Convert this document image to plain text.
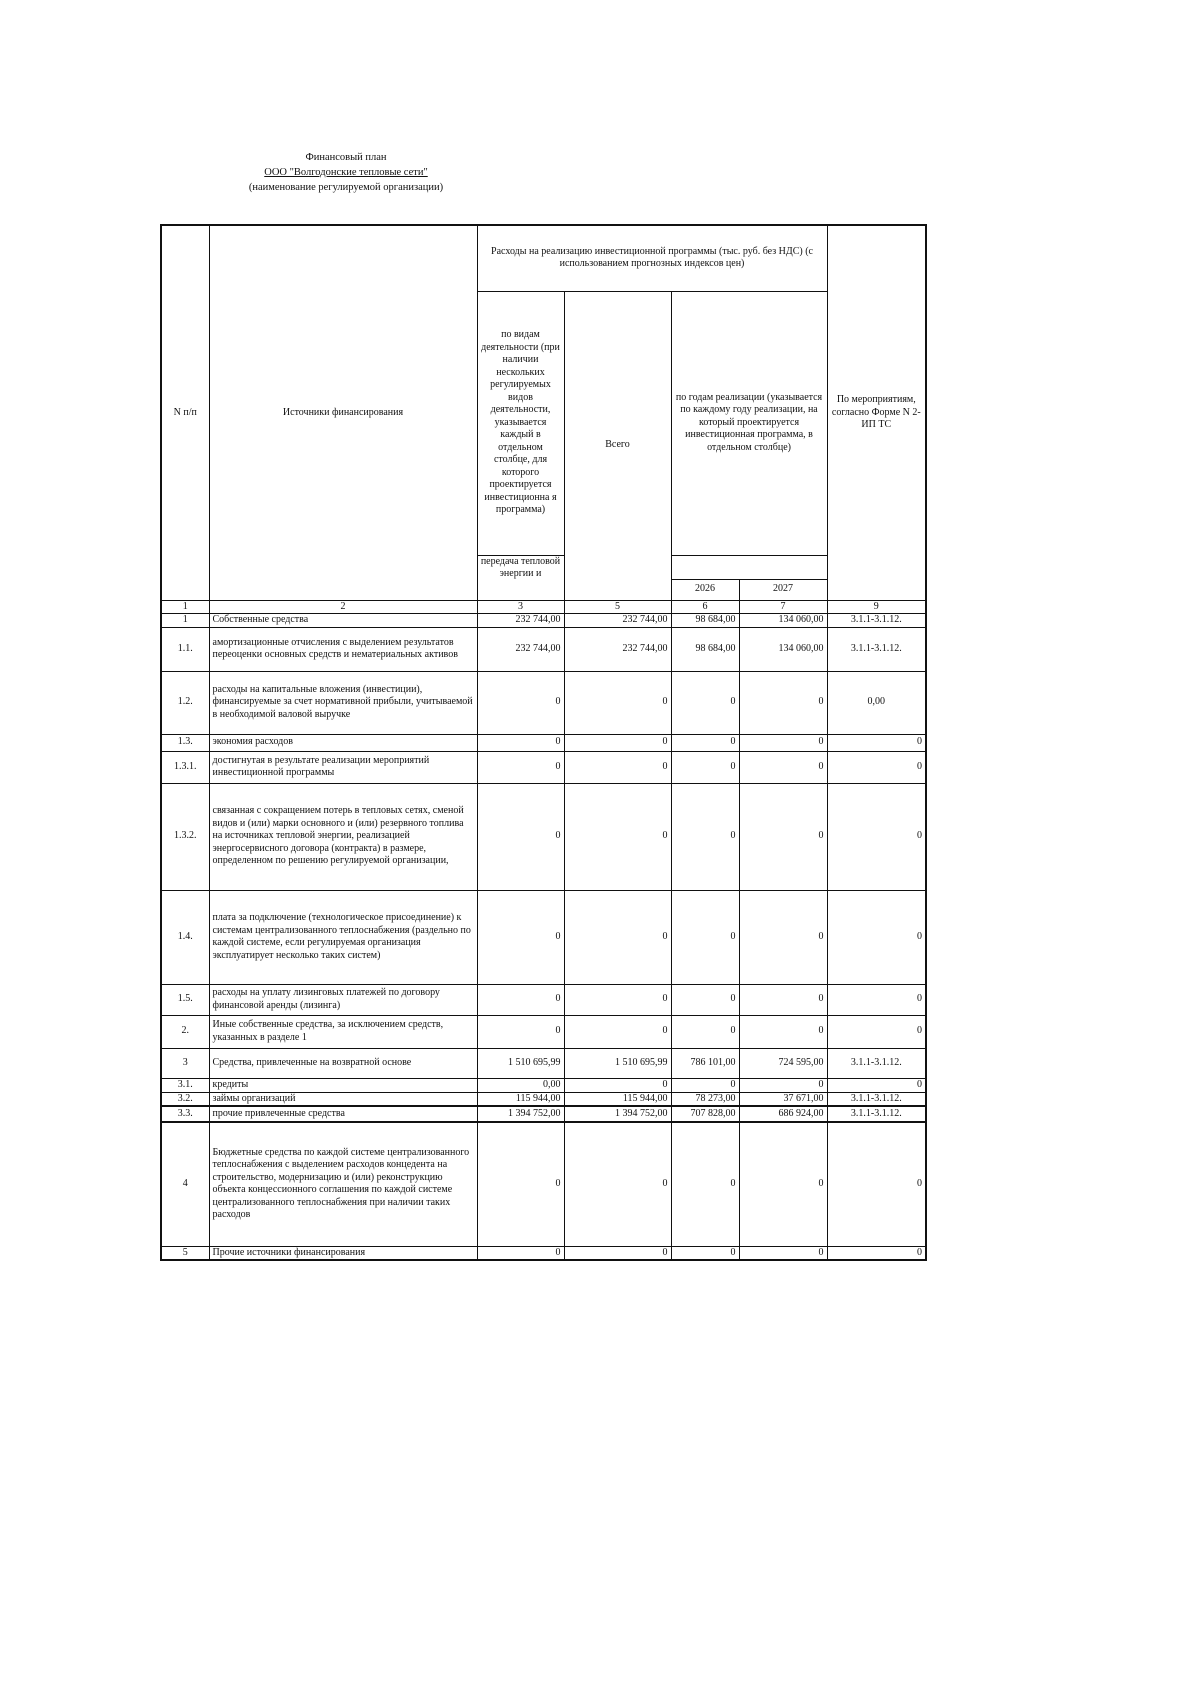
Финансовый план
ООО "Волгодонские тепловые сети"
(наименование регулируемой организации)
N п/п	Источники финансирования	Расходы на реализацию инвестиционной программы (тыс. руб. без НДС) (с использованием прогнозных индексов цен)				По мероприятиям, согласно Форме N 2-ИП ТС
		по видам деятельности (при наличии нескольких регулируемых видов деятельности, указывается каждый в отдельном столбце, для которого проектируется инвестиционна я программа)	Всего	по годам реализации (указывается по каждому году реализации, на который проектируется инвестиционная программа, в отдельном столбце)		
		передача тепловой энергии и				
				2026	2027	
1	2	3	5	6	7	9
1	Собственные средства	232 744,00	232 744,00	98 684,00	134 060,00	3.1.1-3.1.12.
1.1.	амортизационные отчисления с выделением результатов переоценки основных средств и нематериальных активов	232 744,00	232 744,00	98 684,00	134 060,00	3.1.1-3.1.12.
1.2.	расходы на капитальные вложения (инвестиции), финансируемые за счет нормативной прибыли, учитываемой в необходимой валовой выручке	0	0	0	0	0,00
1.3.	экономия расходов	0	0	0	0	0
1.3.1.	достигнутая в результате реализации мероприятий инвестиционной программы	0	0	0	0	0
1.3.2.	связанная с сокращением потерь в тепловых сетях, сменой видов и (или) марки основного и (или) резервного топлива на источниках тепловой энергии, реализацией энергосервисного договора (контракта) в размере, определенном по решению регулируемой организации,	0	0	0	0	0
1.4.	плата за подключение (технологическое присоединение) к системам централизованного теплоснабжения (раздельно по каждой системе, если регулируемая организация эксплуатирует несколько таких систем)	0	0	0	0	0
1.5.	расходы на уплату лизинговых платежей по договору финансовой аренды (лизинга)	0	0	0	0	0
2.	Иные собственные средства, за исключением средств, указанных в разделе 1	0	0	0	0	0
3	Средства, привлеченные на возвратной основе	1 510 695,99	1 510 695,99	786 101,00	724 595,00	3.1.1-3.1.12.
3.1.	кредиты	0,00	0	0	0	0
3.2.	займы организаций	115 944,00	115 944,00	78 273,00	37 671,00	3.1.1-3.1.12.
3.3.	прочие привлеченные средства	1 394 752,00	1 394 752,00	707 828,00	686 924,00	3.1.1-3.1.12.
4	Бюджетные средства по каждой системе централизованного теплоснабжения с выделением расходов концедента на строительство, модернизацию и (или) реконструкцию объекта концессионного соглашения по каждой системе централизованного теплоснабжения при наличии таких расходов	0	0	0	0	0
5	Прочие источники финансирования	0	0	0	0	0
